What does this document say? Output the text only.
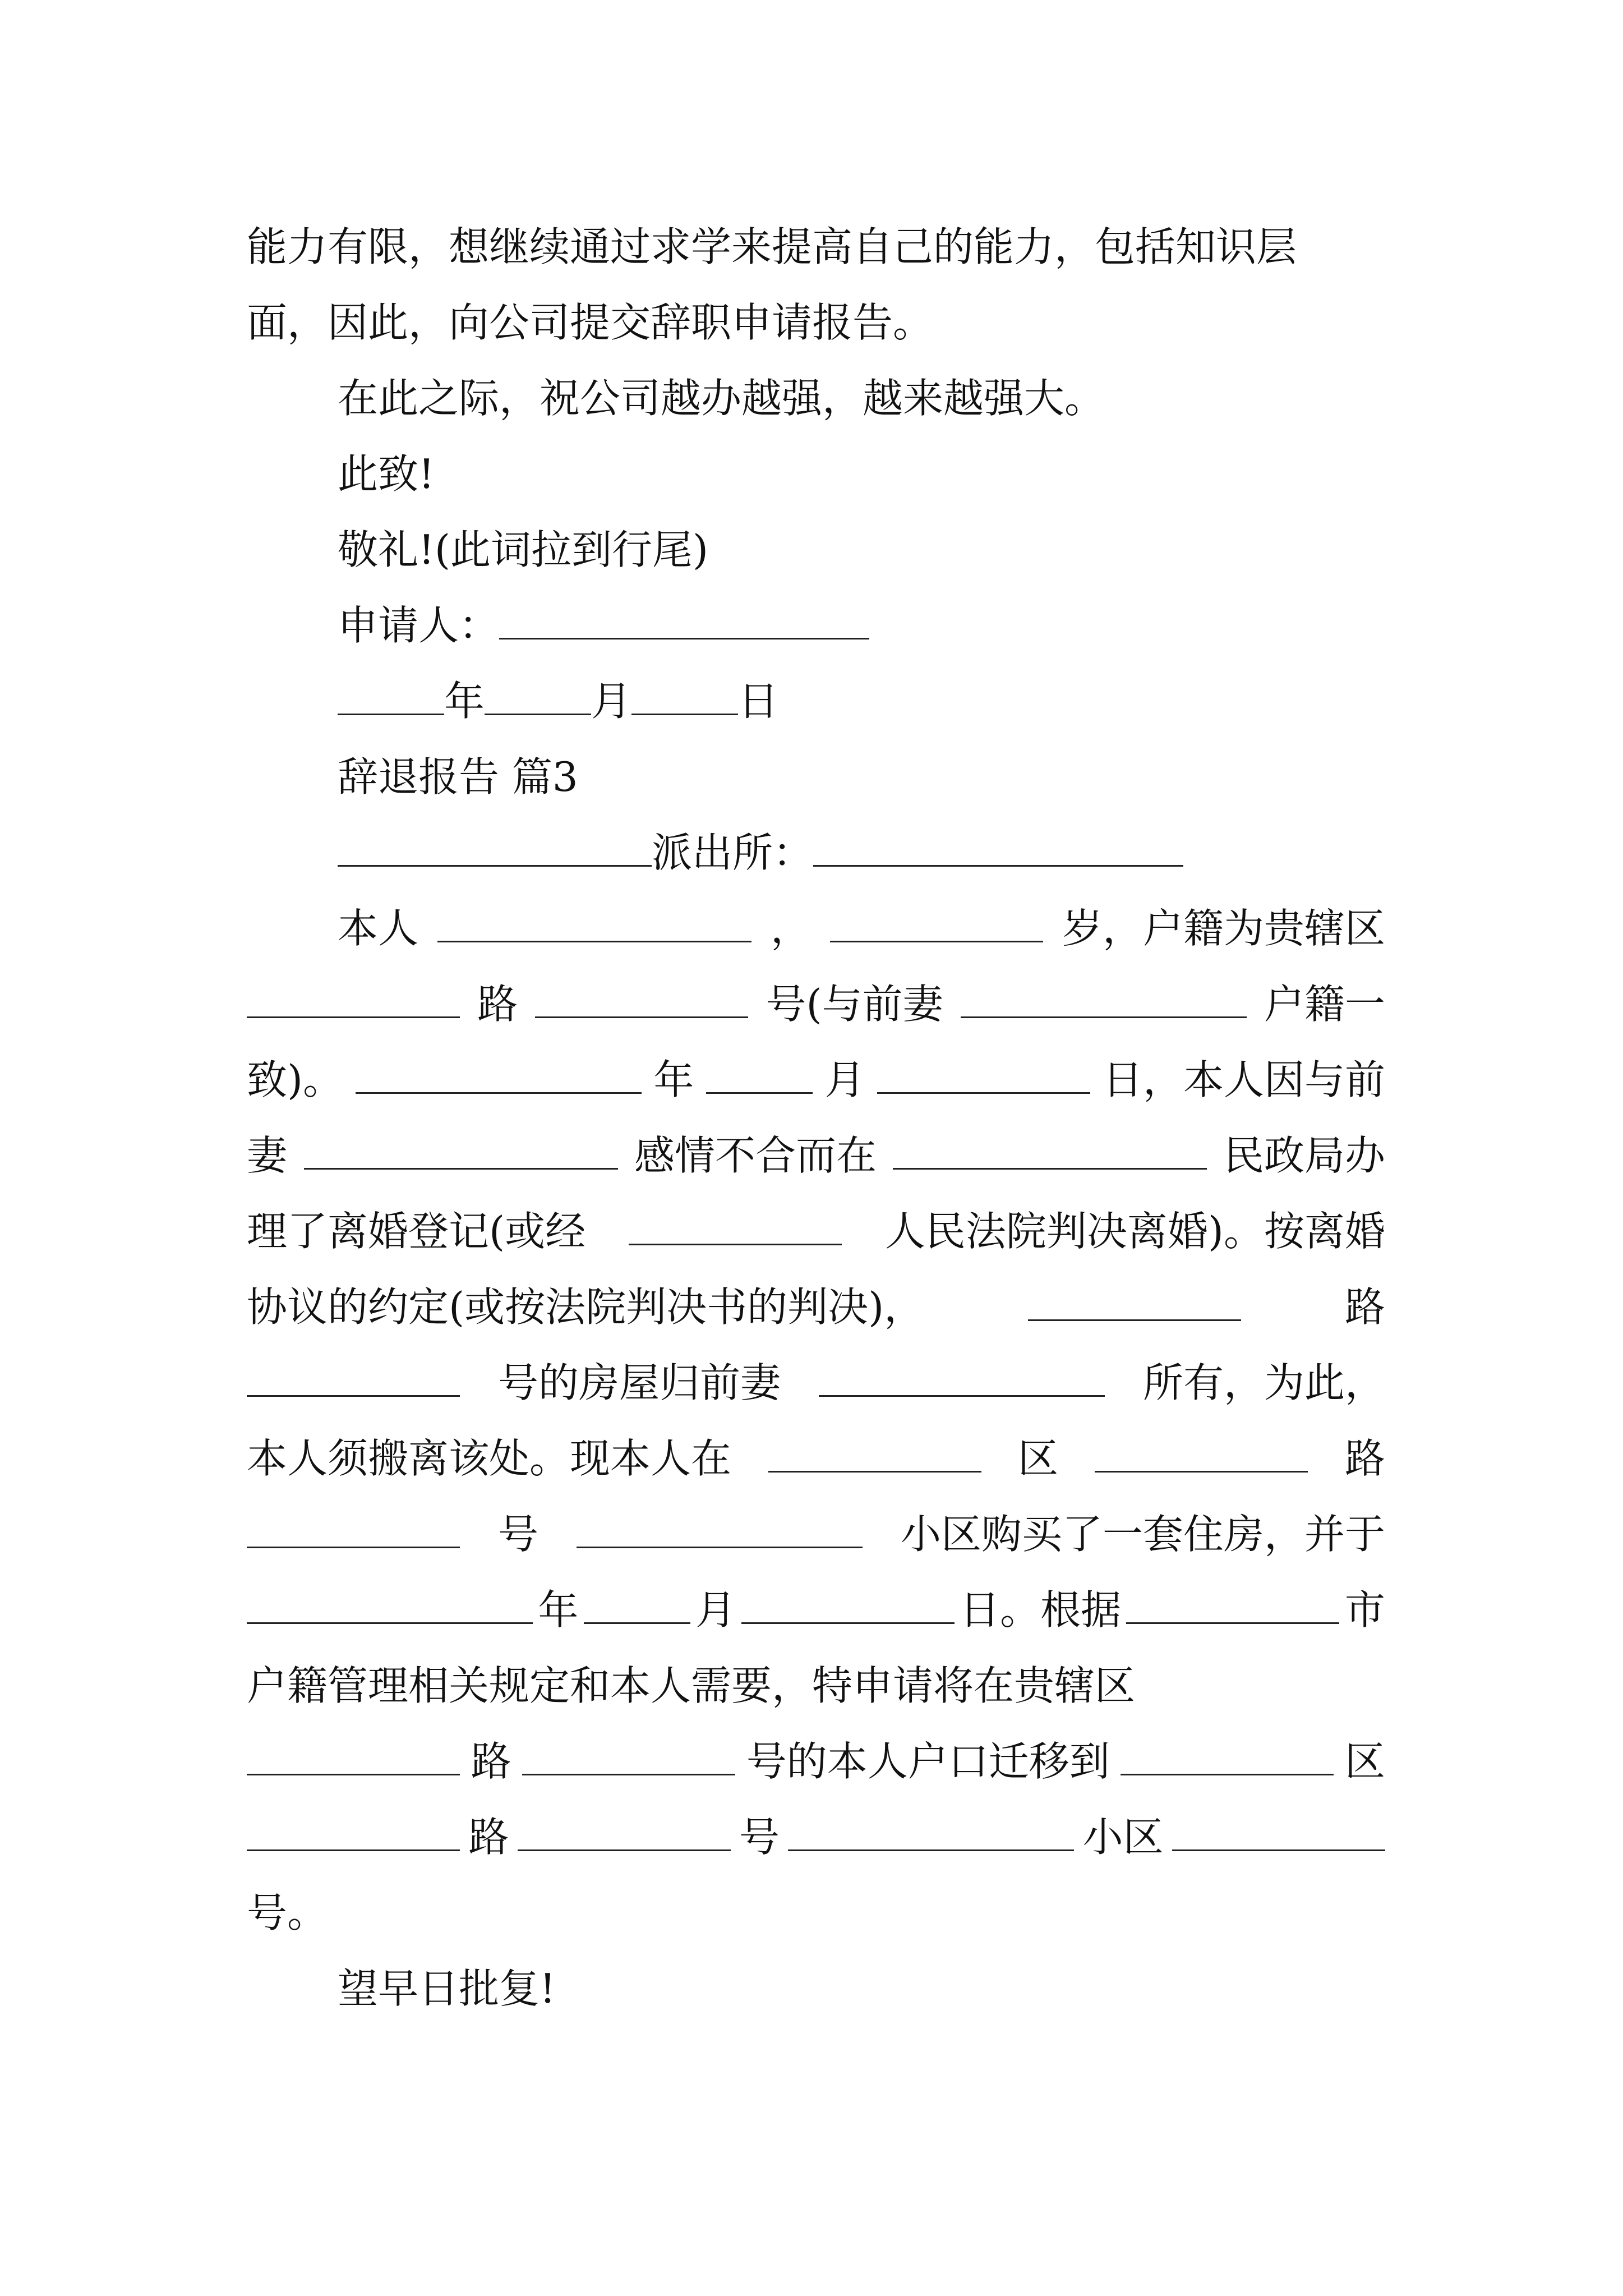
能力有限，想继续通过求学来提高自己的能力，包括知识层
面，因此，向公司提交辞职申请报告。
在此之际，祝公司越办越强，越来越强大。
此致!
敬礼!(此词拉到行尾)
申请人：
年	月	日
辞退报告 篇3
派出所：
本人	，	岁，户籍为贵辖区
路	号(与前妻	户籍一
致)。	年	月	日，本人因与前
妻	感情不合而在	民政局办
理了离婚登记(或经	人民法院判决离婚)。按离婚
协议的约定(或按法院判决书的判决)，	路
号的房屋归前妻	所有，为此，
本人须搬离该处。现本人在	区	路
号	小区购买了一套住房，并于
年	月	日。根据	市
户籍管理相关规定和本人需要，特申请将在贵辖区
路	号的本人户口迁移到	区
路	号	小区
号。
望早日批复!
